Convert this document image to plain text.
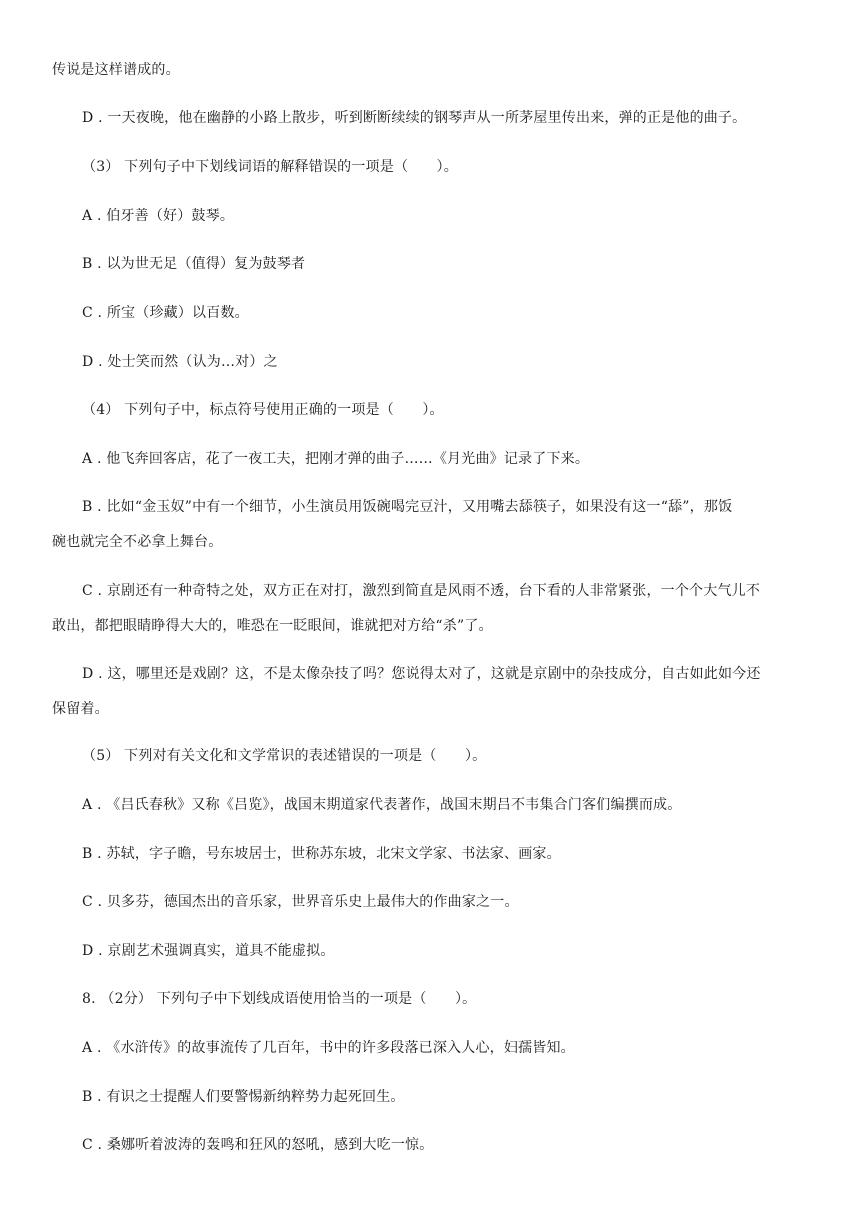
传说是这样谱成的。
D . 一天夜晚，他在幽静的小路上散步，听到断断续续的钢琴声从一所茅屋里传出来，弹的正是他的曲子。
（3） 下列句子中下划线词语的解释错误的一项是（　　）。
A . 伯牙善（好）鼓琴。
B . 以为世无足（值得）复为鼓琴者
C . 所宝（珍藏）以百数。
D . 处士笑而然（认为…对）之
（4） 下列句子中，标点符号使用正确的一项是（　　）。
A . 他飞奔回客店，花了一夜工夫，把刚才弹的曲子……《月光曲》记录了下来。
B . 比如“金玉奴”中有一个细节，小生演员用饭碗喝完豆汁，又用嘴去舔筷子，如果没有这一“舔”，那饭
碗也就完全不必拿上舞台。
C . 京剧还有一种奇特之处，双方正在对打，激烈到简直是风雨不透，台下看的人非常紧张，一个个大气儿不
敢出，都把眼睛睁得大大的，唯恐在一眨眼间，谁就把对方给“杀”了。
D . 这，哪里还是戏剧？这，不是太像杂技了吗？您说得太对了，这就是京剧中的杂技成分，自古如此如今还
保留着。
（5） 下列对有关文化和文学常识的表述错误的一项是（　　）。
A . 《吕氏春秋》又称《吕览》，战国末期道家代表著作，战国末期吕不韦集合门客们编撰而成。
B . 苏轼，字子瞻，号东坡居士，世称苏东坡，北宋文学家、书法家、画家。
C . 贝多芬，德国杰出的音乐家，世界音乐史上最伟大的作曲家之一。
D . 京剧艺术强调真实，道具不能虚拟。
8. （2分） 下列句子中下划线成语使用恰当的一项是（　　）。
A . 《水浒传》的故事流传了几百年，书中的许多段落已深入人心，妇孺皆知。
B . 有识之士提醒人们要警惕新纳粹势力起死回生。
C . 桑娜听着波涛的轰鸣和狂风的怒吼，感到大吃一惊。
